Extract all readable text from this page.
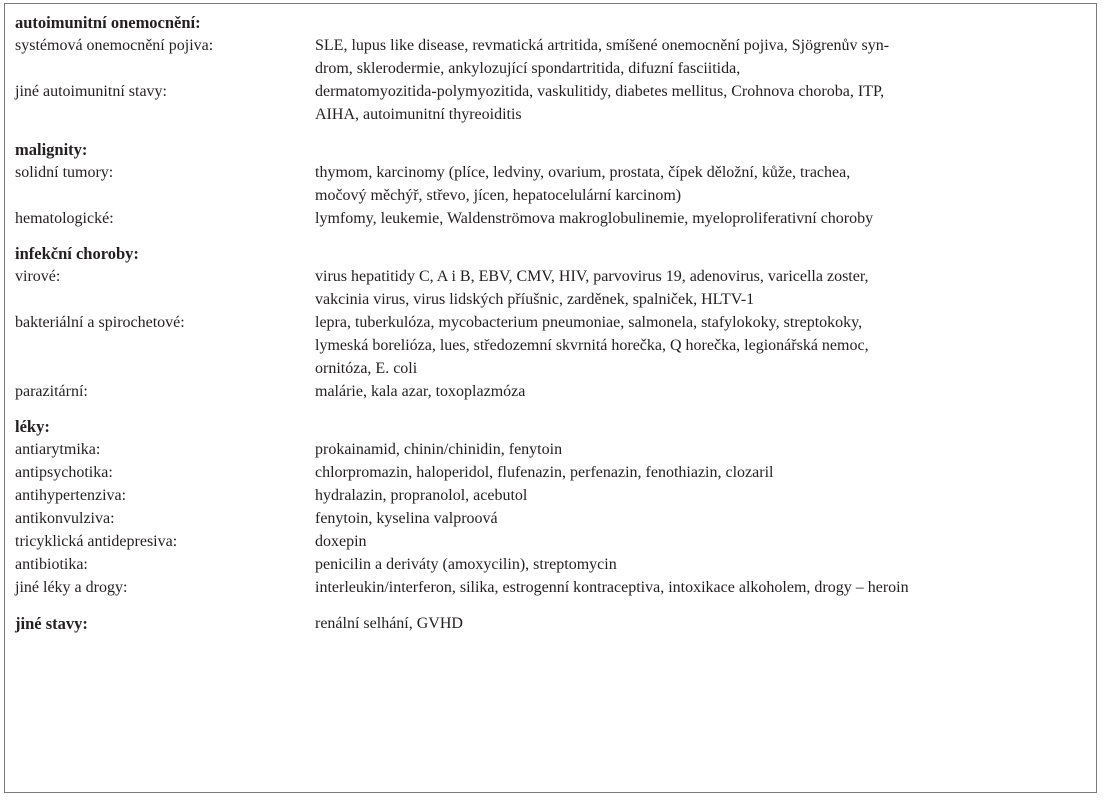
autoimunitní onemocnění:
systémová onemocnění pojiva:	SLE, lupus like disease, revmatická artritida, smíšené onemocnění pojiva, Sjögrenův syn-
drom, sklerodermie, ankylozující spondartritida, difuzní fasciitida,
jiné autoimunitní stavy:	dermatomyozitida-polymyozitida, vaskulitidy, diabetes mellitus, Crohnova choroba, ITP,
AIHA, autoimunitní thyreoiditis
malignity:
solidní tumory:	thymom, karcinomy (plíce, ledviny, ovarium, prostata, čípek děložní, kůže, trachea,
močový měchýř, střevo, jícen, hepatocelulární karcinom)
hematologické:	lymfomy, leukemie, Waldenströmova makroglobulinemie, myeloproliferativní choroby
infekční choroby:
virové:	virus hepatitidy C, A i B, EBV, CMV, HIV, parvovirus 19, adenovirus, varicella zoster,
vakcinia virus, virus lidských příušnic, zarděnek, spalniček, HLTV-1
bakteriální a spirochetové:	lepra, tuberkulóza, mycobacterium pneumoniae, salmonela, stafylokoky, streptokoky,
lymeská borelióza, lues, středozemní skvrnitá horečka, Q horečka, legionářská nemoc,
ornitóza, E. coli
parazitární:	malárie, kala azar, toxoplazmóza
léky:
antiarytmika:	prokainamid, chinin/chinidin, fenytoin
antipsychotika:	chlorpromazin, haloperidol, flufenazin, perfenazin, fenothiazin, clozaril
antihypertenziva:	hydralazin, propranolol, acebutol
antikonvulziva:	fenytoin, kyselina valproová
tricyklická antidepresiva:	doxepin
antibiotika:	penicilin a deriváty (amoxycilin), streptomycin
jiné léky a drogy:	interleukin/interferon, silika, estrogenní kontraceptiva, intoxikace alkoholem, drogy – heroin
jiné stavy:	renální selhání, GVHD
